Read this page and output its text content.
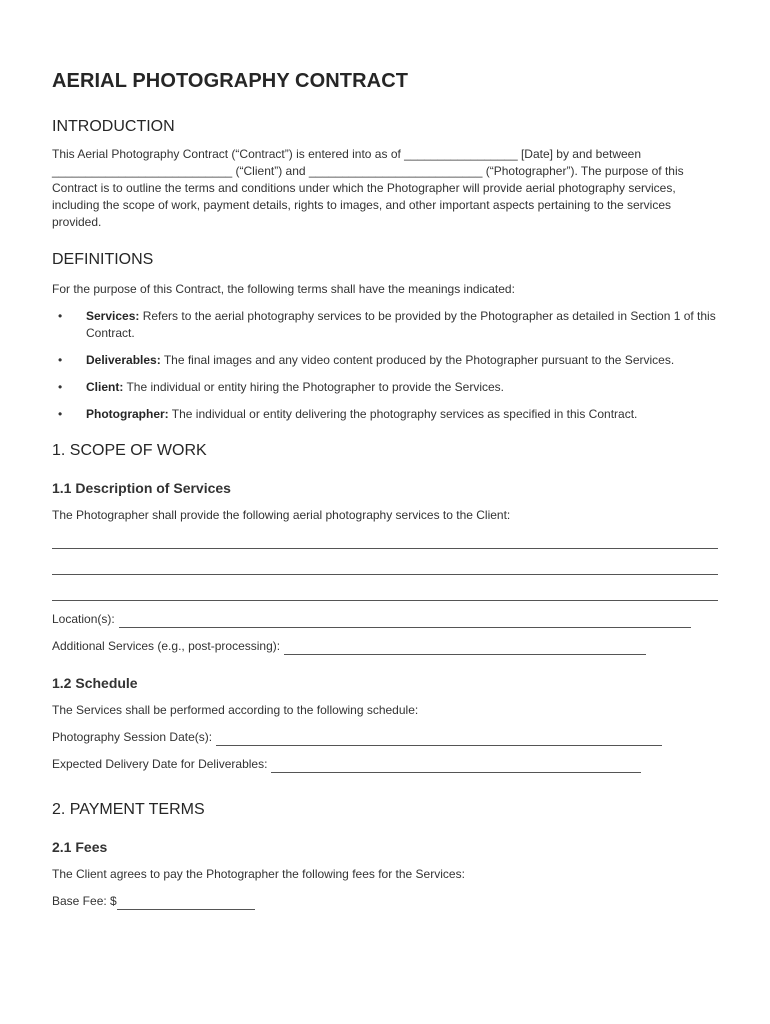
AERIAL PHOTOGRAPHY CONTRACT
INTRODUCTION

This Aerial Photography Contract (“Contract”) is entered into as of _________________ [Date] by and between ___________________________ (“Client”) and __________________________ (“Photographer”). The purpose of this Contract is to outline the terms and conditions under which the Photographer will provide aerial photography services, including the scope of work, payment details, rights to images, and other important aspects pertaining to the services provided.

DEFINITIONS

For the purpose of this Contract, the following terms shall have the meanings indicated:

• Services: Refers to the aerial photography services to be provided by the Photographer as detailed in Section 1 of this Contract.
• Deliverables: The final images and any video content produced by the Photographer pursuant to the Services.
• Client: The individual or entity hiring the Photographer to provide the Services.
• Photographer: The individual or entity delivering the photography services as specified in this Contract.
1. SCOPE OF WORK
1.1 Description of Services

The Photographer shall provide the following aerial photography services to the Client:

Location(s):
Additional Services (e.g., post-processing):
1.2 Schedule

The Services shall be performed according to the following schedule:

Photography Session Date(s):
Expected Delivery Date for Deliverables:
2. PAYMENT TERMS
2.1 Fees

The Client agrees to pay the Photographer the following fees for the Services:

Base Fee: $
